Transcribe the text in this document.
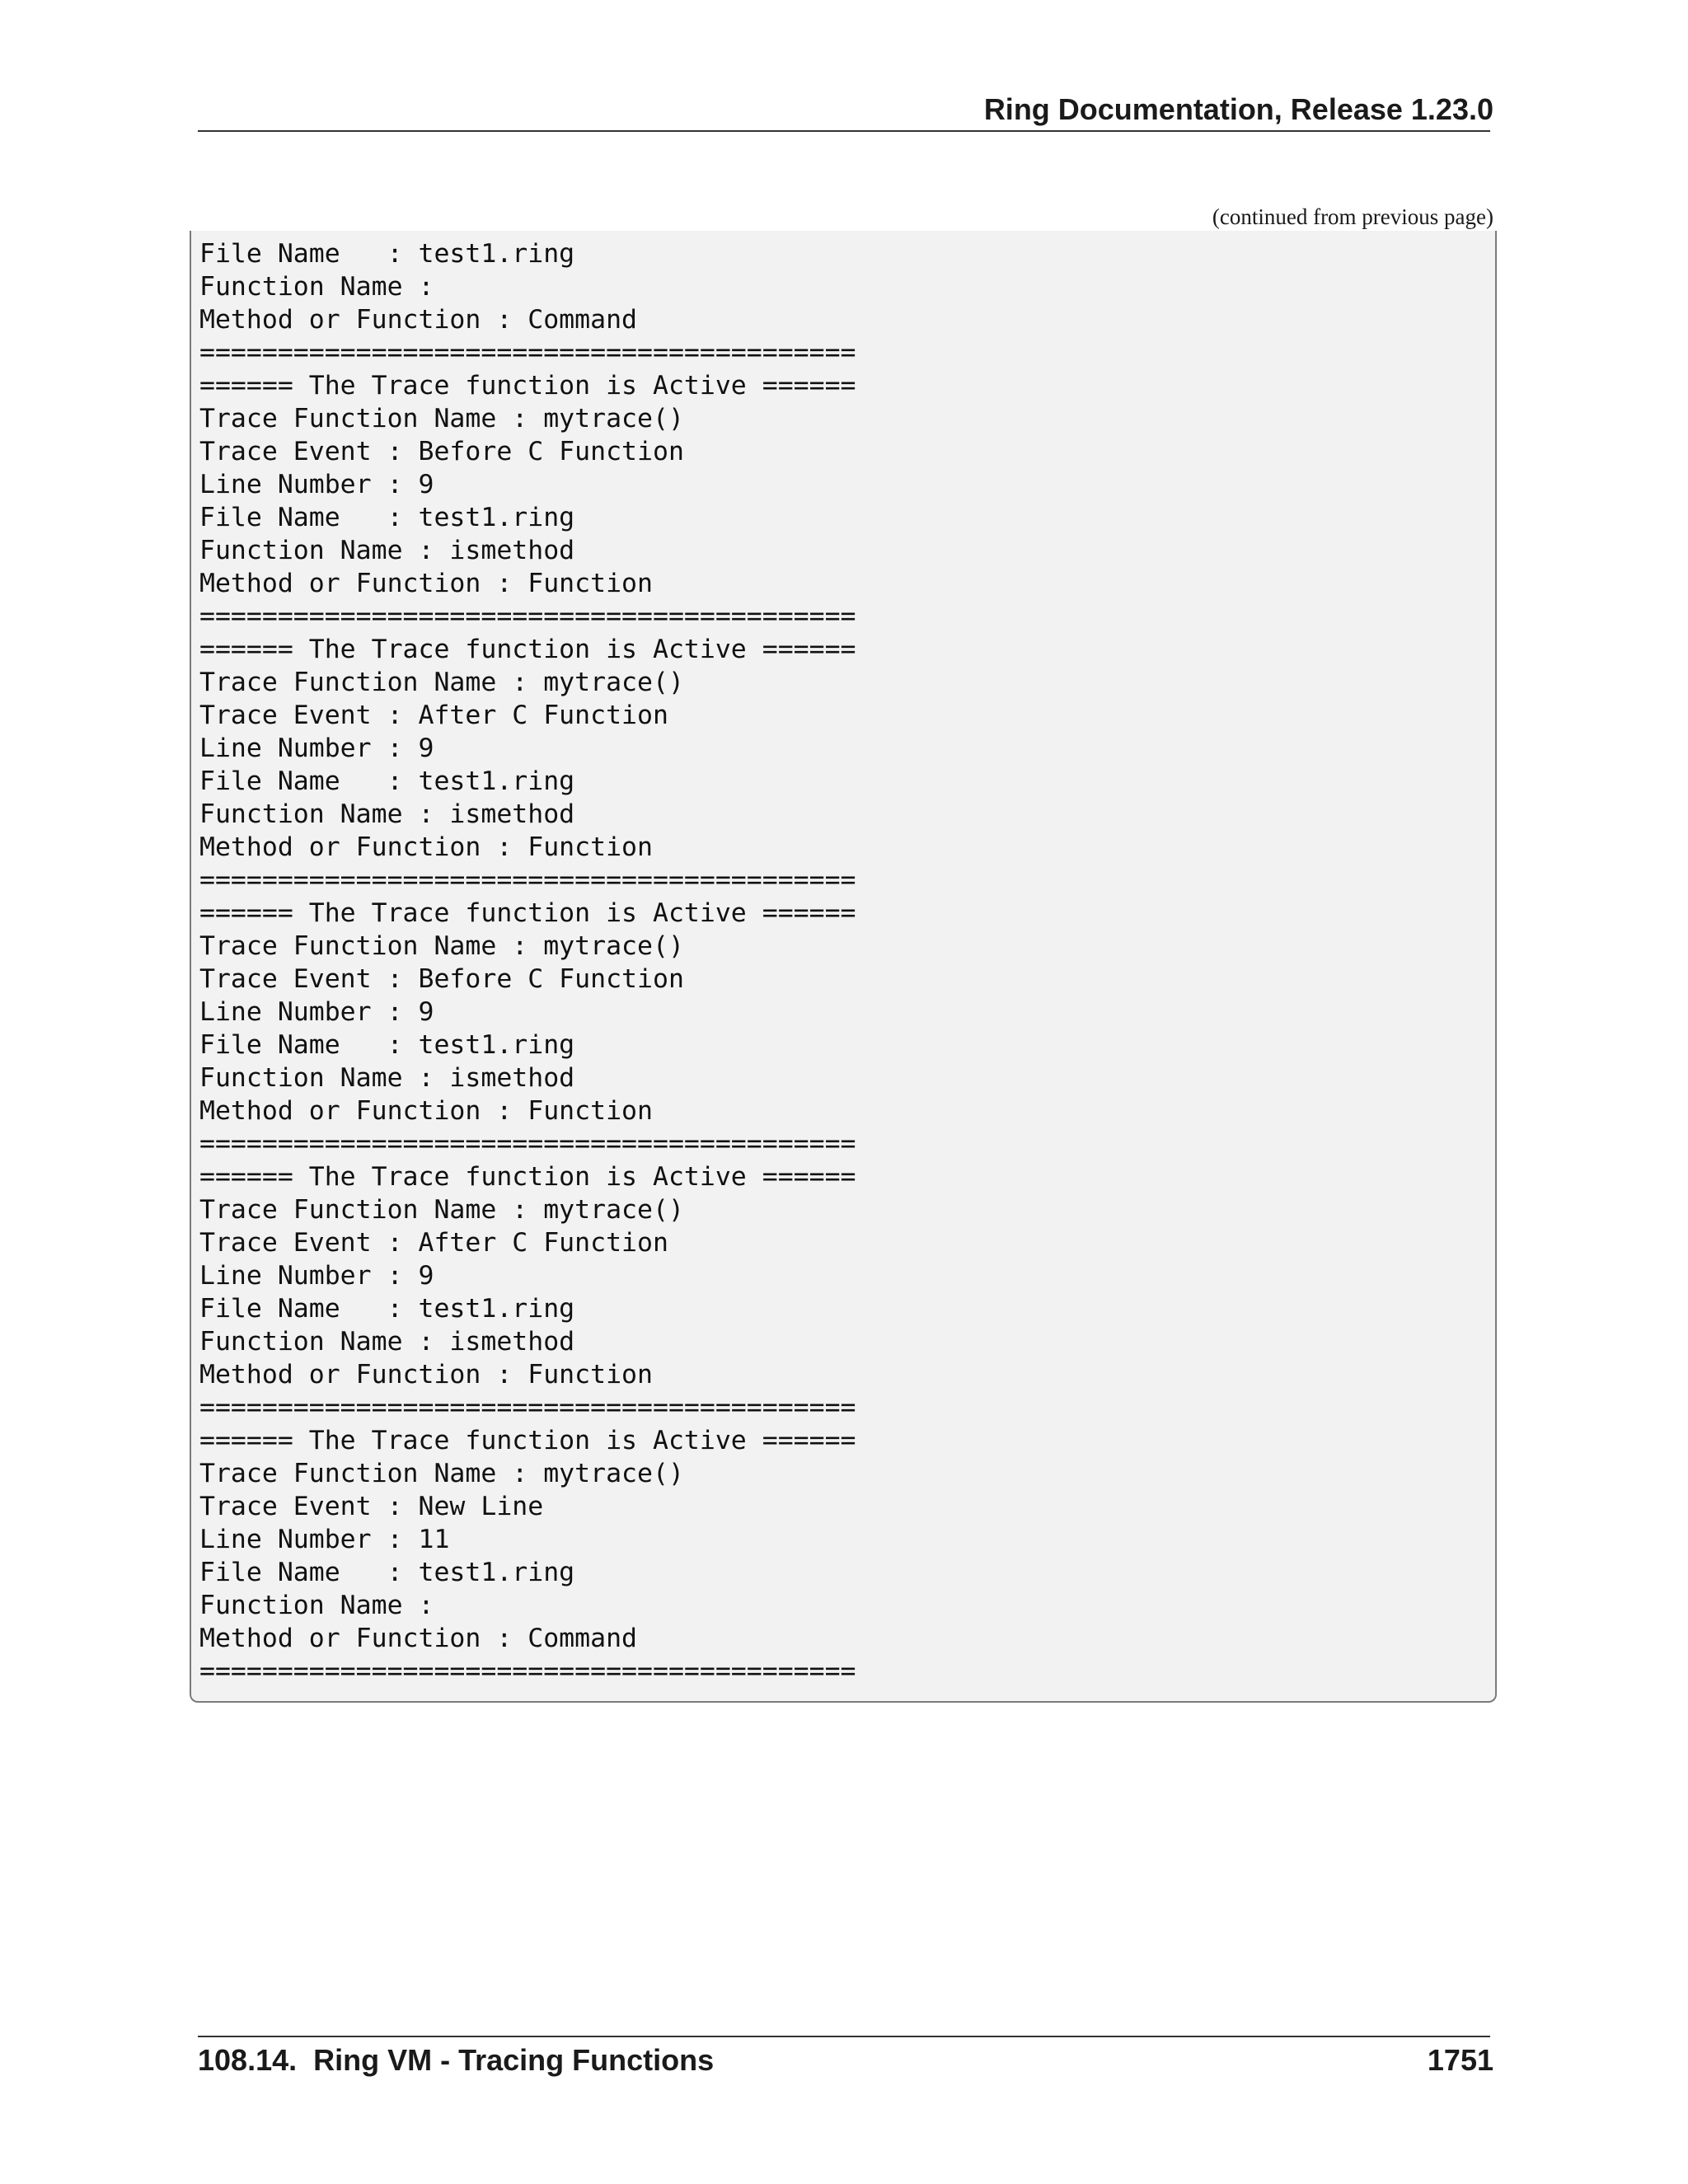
Ring Documentation, Release 1.23.0
(continued from previous page)
File Name   : test1.ring
Function Name :
Method or Function : Command
==========================================
====== The Trace function is Active ======
Trace Function Name : mytrace()
Trace Event : Before C Function
Line Number : 9
File Name   : test1.ring
Function Name : ismethod
Method or Function : Function
==========================================
====== The Trace function is Active ======
Trace Function Name : mytrace()
Trace Event : After C Function
Line Number : 9
File Name   : test1.ring
Function Name : ismethod
Method or Function : Function
==========================================
====== The Trace function is Active ======
Trace Function Name : mytrace()
Trace Event : Before C Function
Line Number : 9
File Name   : test1.ring
Function Name : ismethod
Method or Function : Function
==========================================
====== The Trace function is Active ======
Trace Function Name : mytrace()
Trace Event : After C Function
Line Number : 9
File Name   : test1.ring
Function Name : ismethod
Method or Function : Function
==========================================
====== The Trace function is Active ======
Trace Function Name : mytrace()
Trace Event : New Line
Line Number : 11
File Name   : test1.ring
Function Name :
Method or Function : Command
==========================================
108.14.  Ring VM - Tracing Functions	1751
